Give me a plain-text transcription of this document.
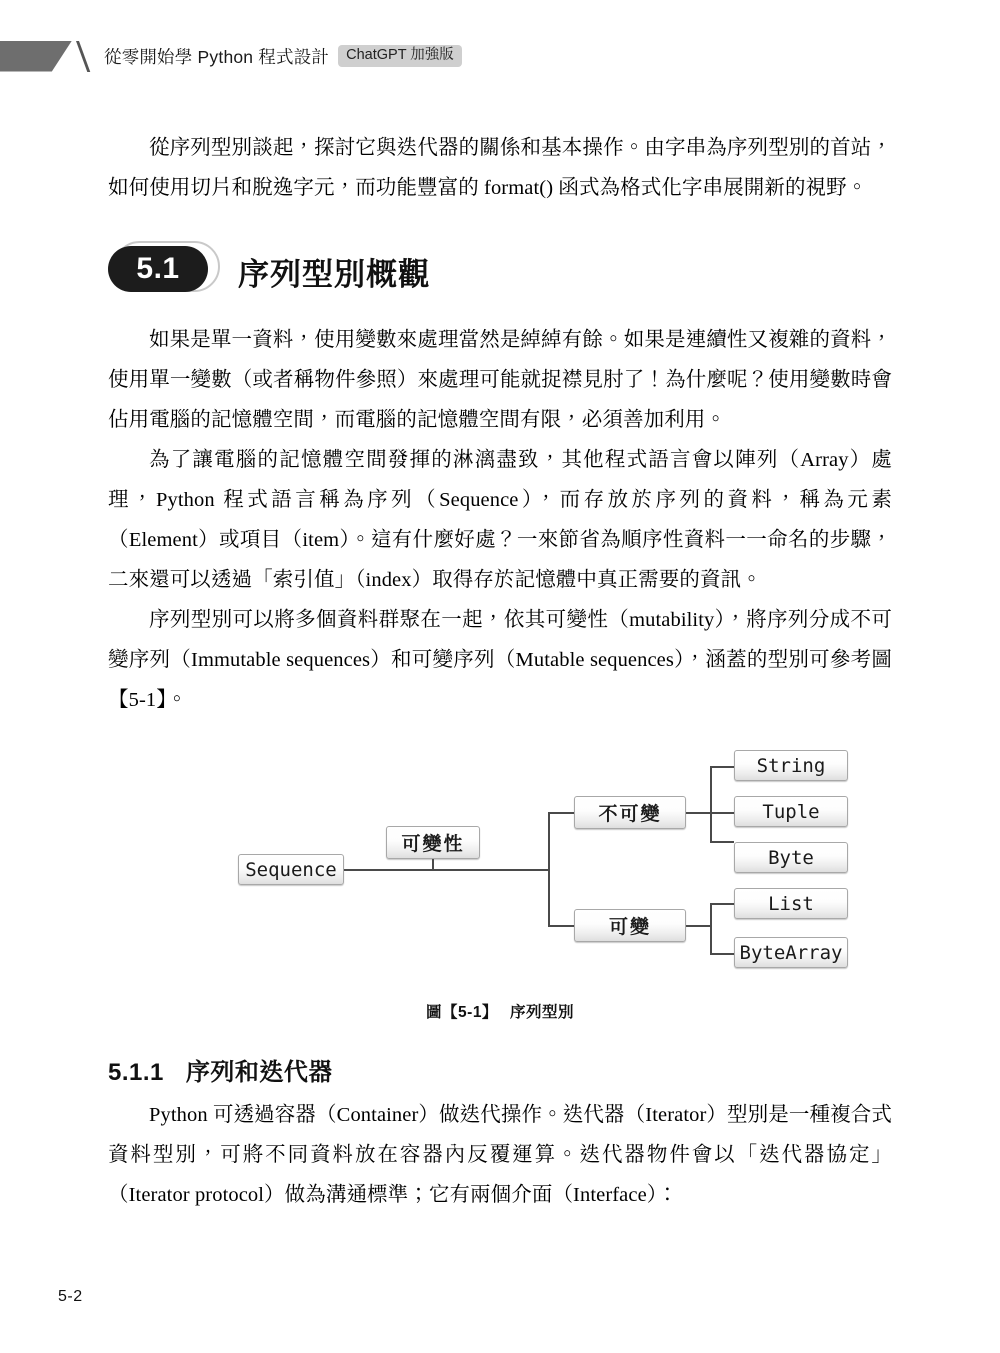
從零開始學 Python 程式設計	ChatGPT 加強版

從序列型別談起，探討它與迭代器的關係和基本操作。由字串為序列型別的首站，如何使用切片和脫逸字元，而功能豐富的 format() 函式為格式化字串展開新的視野。

5.1	序列型別概觀

如果是單一資料，使用變數來處理當然是綽綽有餘。如果是連續性又複雜的資料，使用單一變數（或者稱物件參照）來處理可能就捉襟見肘了！為什麼呢？使用變數時會佔用電腦的記憶體空間，而電腦的記憶體空間有限，必須善加利用。

為了讓電腦的記憶體空間發揮的淋漓盡致，其他程式語言會以陣列（Array）處理，Python 程式語言稱為序列（Sequence），而存放於序列的資料，稱為元素（Element）或項目（item）。這有什麼好處？一來節省為順序性資料一一命名的步驟，二來還可以透過「索引值」（index）取得存於記憶體中真正需要的資訊。

序列型別可以將多個資料群聚在一起，依其可變性（mutability），將序列分成不可變序列（Immutable sequences）和可變序列（Mutable sequences），涵蓋的型別可參考圖【5-1】。

Sequence
可變性
不可變
可變
String
Tuple
Byte
List
ByteArray
圖【5-1】 序列型別
5.1.1 序列和迭代器

Python 可透過容器（Container）做迭代操作。迭代器（Iterator）型別是一種複合式資料型別，可將不同資料放在容器內反覆運算。迭代器物件會以「迭代器協定」（Iterator protocol）做為溝通標準；它有兩個介面（Interface）：

5-2
